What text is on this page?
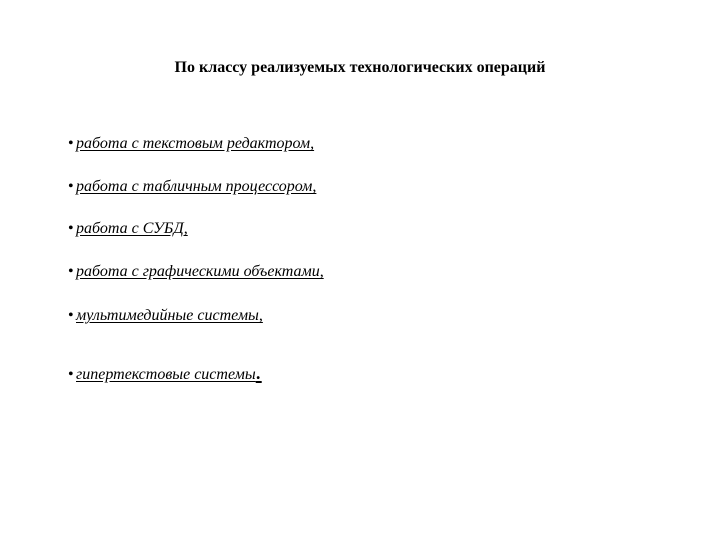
По классу реализуемых технологических операций
• работа с текстовым редактором,
• работа с табличным процессором,
• работа с СУБД,
• работа с графическими объектами,
• мультимедийные системы,
• гипертекстовые системы.
